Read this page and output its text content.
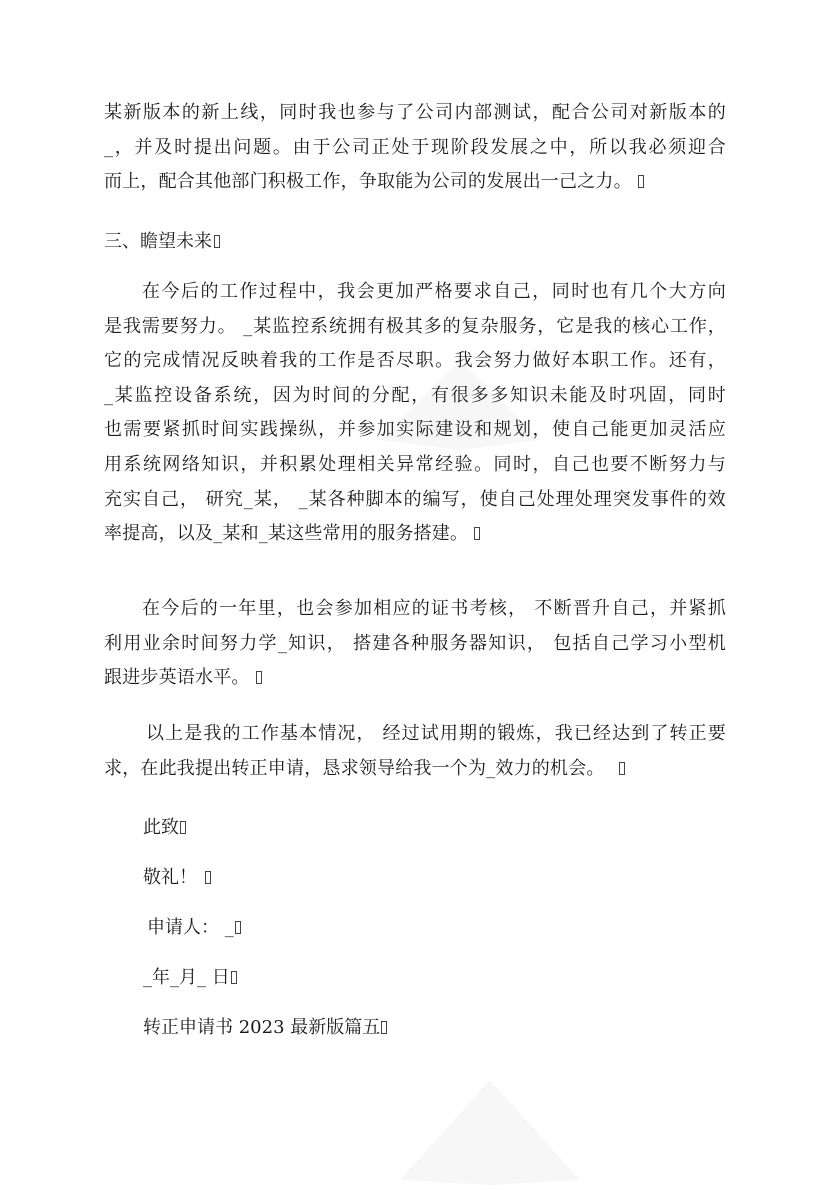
某新版本的新上线，同时我也参与了公司内部测试，配合公司对新版本的
_，并及时提出问题。由于公司正处于现阶段发展之中，所以我必须迎合
而上，配合其他部门积极工作，争取能为公司的发展出一己之力。

三、瞻望未来

在今后的工作过程中，我会更加严格要求自己，同时也有几个大方向
是我需要努力。 _某监控系统拥有极其多的复杂服务，它是我的核心工作，
它的完成情况反映着我的工作是否尽职。我会努力做好本职工作。还有，
_某监控设备系统，因为时间的分配，有很多多知识未能及时巩固，同时
也需要紧抓时间实践操纵，并参加实际建设和规划，使自己能更加灵活应
用系统网络知识，并积累处理相关异常经验。同时，自己也要不断努力与
充实自己， 研究_某， _某各种脚本的编写，使自己处理处理突发事件的效
率提高，以及_某和_某这些常用的服务搭建。

在今后的一年里，也会参加相应的证书考核， 不断晋升自己，并紧抓
利用业余时间努力学_知识， 搭建各种服务器知识， 包括自己学习小型机
跟进步英语水平。

以上是我的工作基本情况， 经过试用期的锻炼，我已经达到了转正要
求，在此我提出转正申请，恳求领导给我一个为_效力的机会。

此致
敬礼！
申请人： _
_年_月_ 日
转正申请书 2023 最新版篇五
